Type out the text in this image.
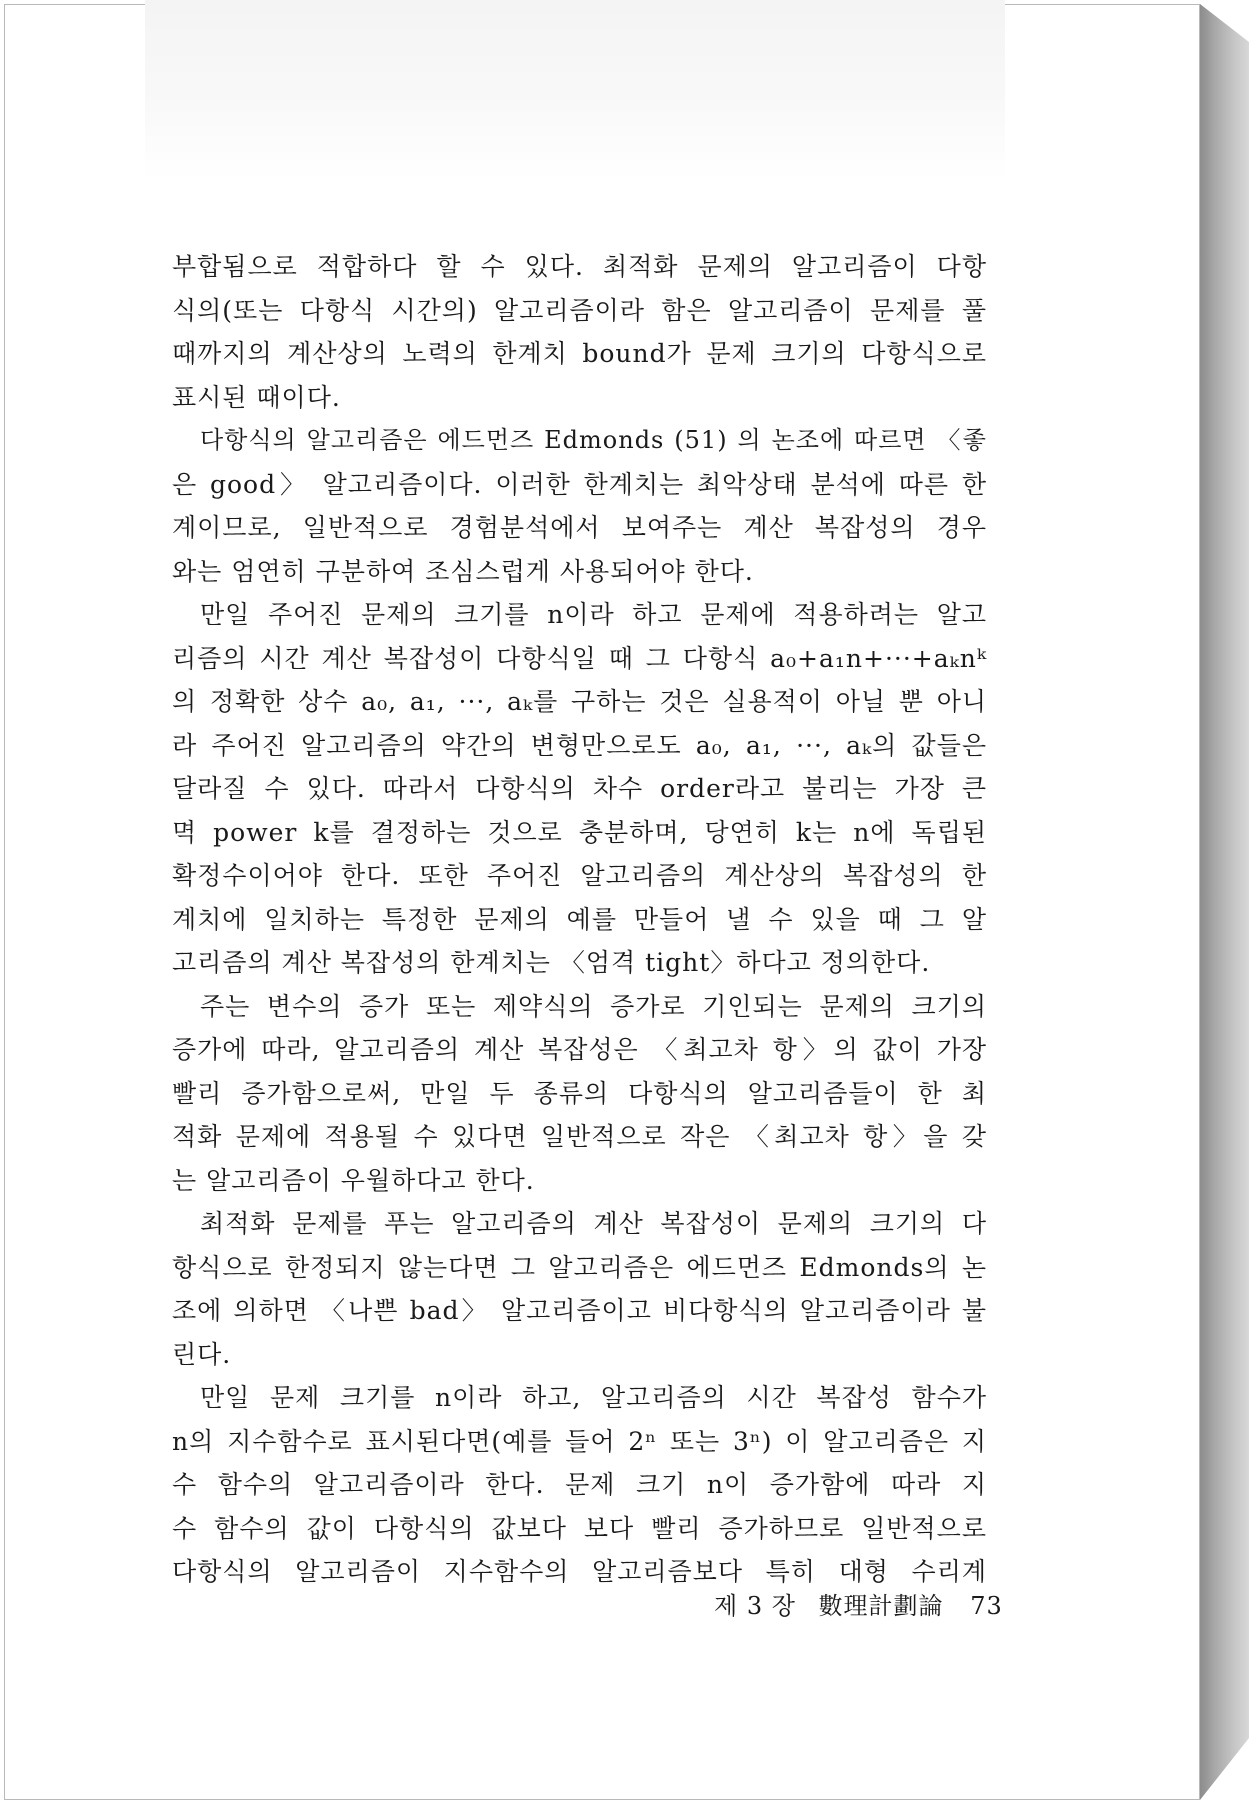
부합됨으로 적합하다 할 수 있다. 최적화 문제의 알고리즘이 다항
식의(또는 다항식 시간의) 알고리즘이라 함은 알고리즘이 문제를 풀
때까지의 계산상의 노력의 한계치 bound가 문제 크기의 다항식으로
표시된 때이다.
다항식의 알고리즘은 에드먼즈 Edmonds (51) 의 논조에 따르면 〈좋
은 good〉 알고리즘이다. 이러한 한계치는 최악상태 분석에 따른 한
계이므로, 일반적으로 경험분석에서 보여주는 계산 복잡성의 경우
와는 엄연히 구분하여 조심스럽게 사용되어야 한다.
만일 주어진 문제의 크기를 n이라 하고 문제에 적용하려는 알고
리즘의 시간 계산 복잡성이 다항식일 때 그 다항식 a₀+a₁n+···+aₖnᵏ
의 정확한 상수 a₀, a₁, ···, aₖ를 구하는 것은 실용적이 아닐 뿐 아니
라 주어진 알고리즘의 약간의 변형만으로도 a₀, a₁, ···, aₖ의 값들은
달라질 수 있다. 따라서 다항식의 차수 order라고 불리는 가장 큰
멱 power k를 결정하는 것으로 충분하며, 당연히 k는 n에 독립된
확정수이어야 한다. 또한 주어진 알고리즘의 계산상의 복잡성의 한
계치에 일치하는 특정한 문제의 예를 만들어 낼 수 있을 때 그 알
고리즘의 계산 복잡성의 한계치는 〈엄격 tight〉하다고 정의한다.
주는 변수의 증가 또는 제약식의 증가로 기인되는 문제의 크기의
증가에 따라, 알고리즘의 계산 복잡성은 〈최고차 항〉의 값이 가장
빨리 증가함으로써, 만일 두 종류의 다항식의 알고리즘들이 한 최
적화 문제에 적용될 수 있다면 일반적으로 작은 〈최고차 항〉을 갖
는 알고리즘이 우월하다고 한다.
최적화 문제를 푸는 알고리즘의 계산 복잡성이 문제의 크기의 다
항식으로 한정되지 않는다면 그 알고리즘은 에드먼즈 Edmonds의 논
조에 의하면 〈나쁜 bad〉 알고리즘이고 비다항식의 알고리즘이라 불
린다.
만일 문제 크기를 n이라 하고, 알고리즘의 시간 복잡성 함수가
n의 지수함수로 표시된다면(예를 들어 2ⁿ 또는 3ⁿ) 이 알고리즘은 지
수 함수의 알고리즘이라 한다. 문제 크기 n이 증가함에 따라 지
수 함수의 값이 다항식의 값보다 보다 빨리 증가하므로 일반적으로
다항식의 알고리즘이 지수함수의 알고리즘보다 특히 대형 수리계
제 3 장 數理計劃論 73
